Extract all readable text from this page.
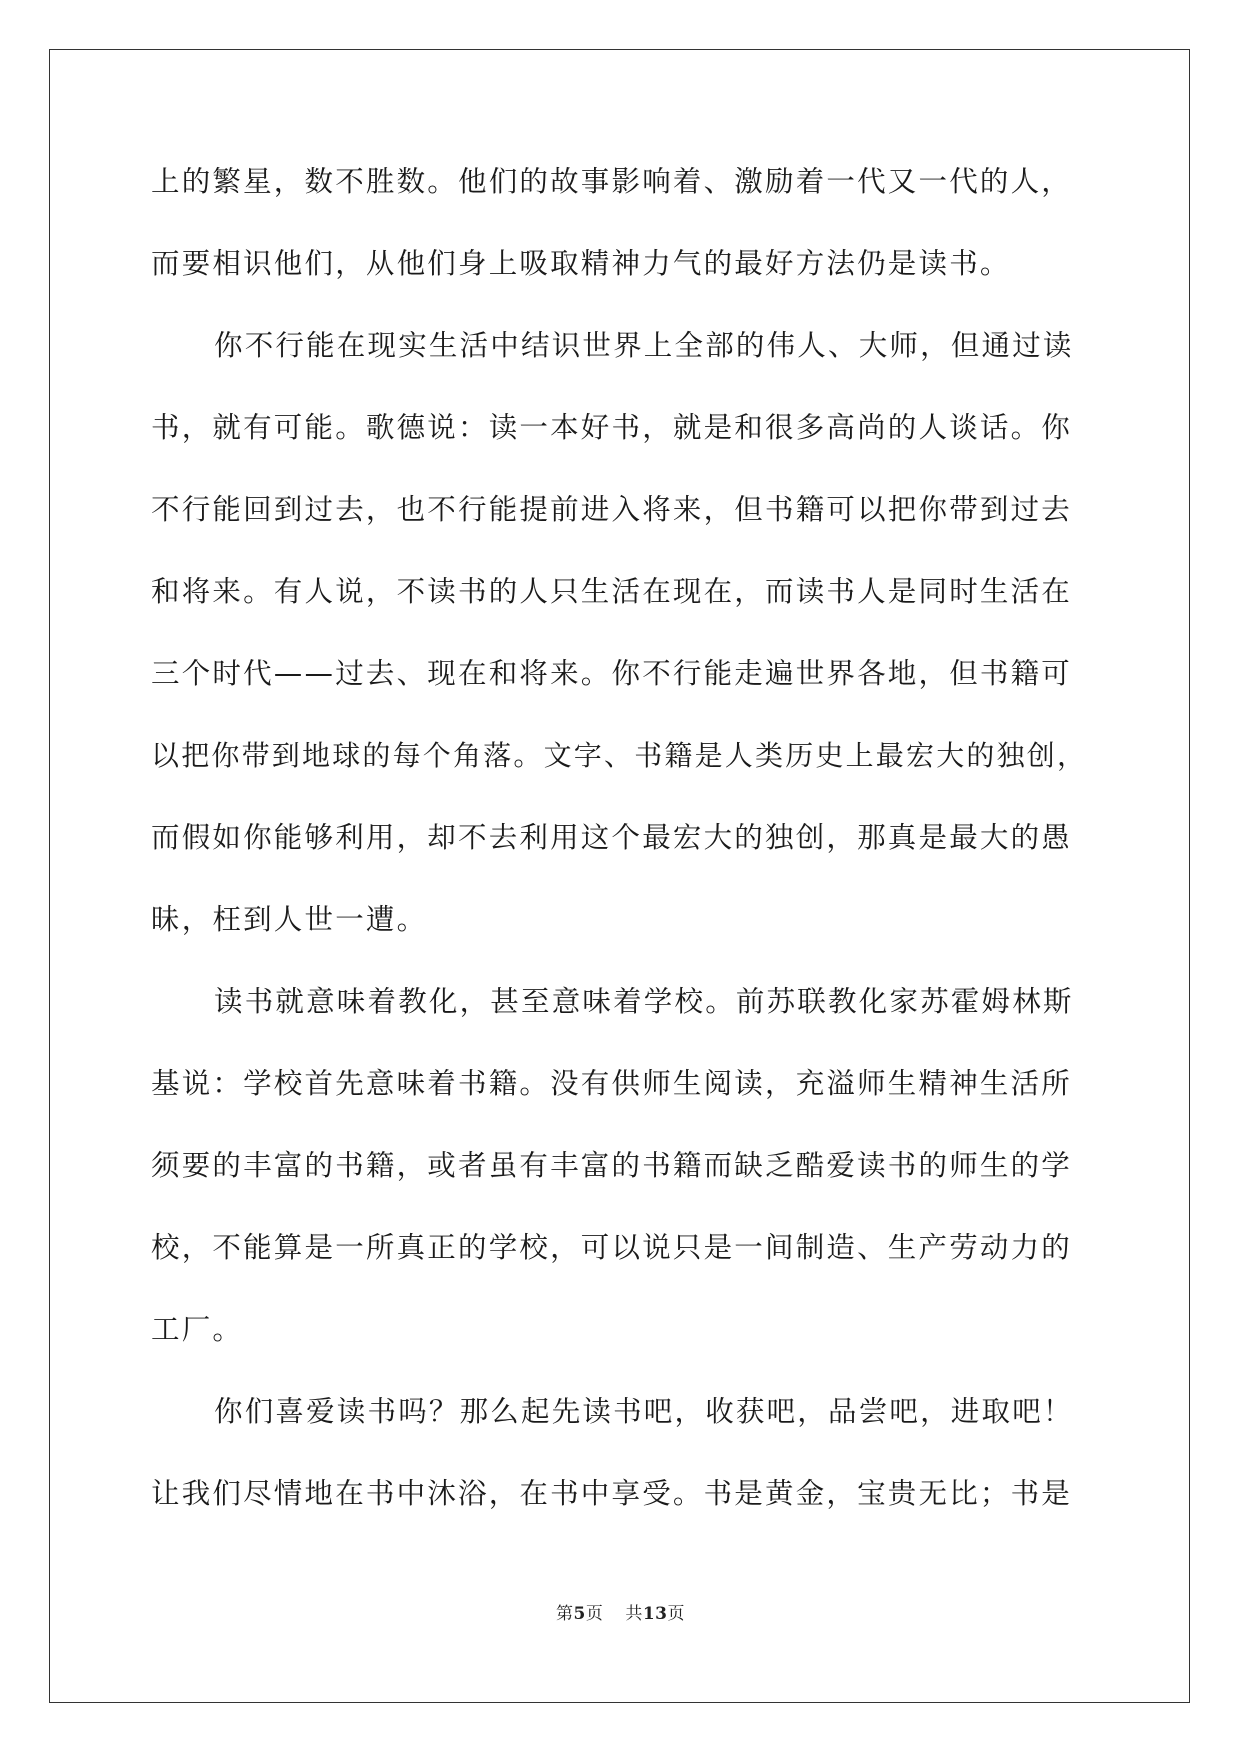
上的繁星，数不胜数。他们的故事影响着、激励着一代又一代的人，

而要相识他们，从他们身上吸取精神力气的最好方法仍是读书。

你不行能在现实生活中结识世界上全部的伟人、大师，但通过读

书，就有可能。歌德说：读一本好书，就是和很多高尚的人谈话。你

不行能回到过去，也不行能提前进入将来，但书籍可以把你带到过去

和将来。有人说，不读书的人只生活在现在，而读书人是同时生活在

三个时代——过去、现在和将来。你不行能走遍世界各地，但书籍可

以把你带到地球的每个角落。文字、书籍是人类历史上最宏大的独创，

而假如你能够利用，却不去利用这个最宏大的独创，那真是最大的愚

昧，枉到人世一遭。

读书就意味着教化，甚至意味着学校。前苏联教化家苏霍姆林斯

基说：学校首先意味着书籍。没有供师生阅读，充溢师生精神生活所

须要的丰富的书籍，或者虽有丰富的书籍而缺乏酷爱读书的师生的学

校，不能算是一所真正的学校，可以说只是一间制造、生产劳动力的

工厂。

你们喜爱读书吗？那么起先读书吧，收获吧，品尝吧，进取吧！

让我们尽情地在书中沐浴，在书中享受。书是黄金，宝贵无比；书是

第5页 共13页
